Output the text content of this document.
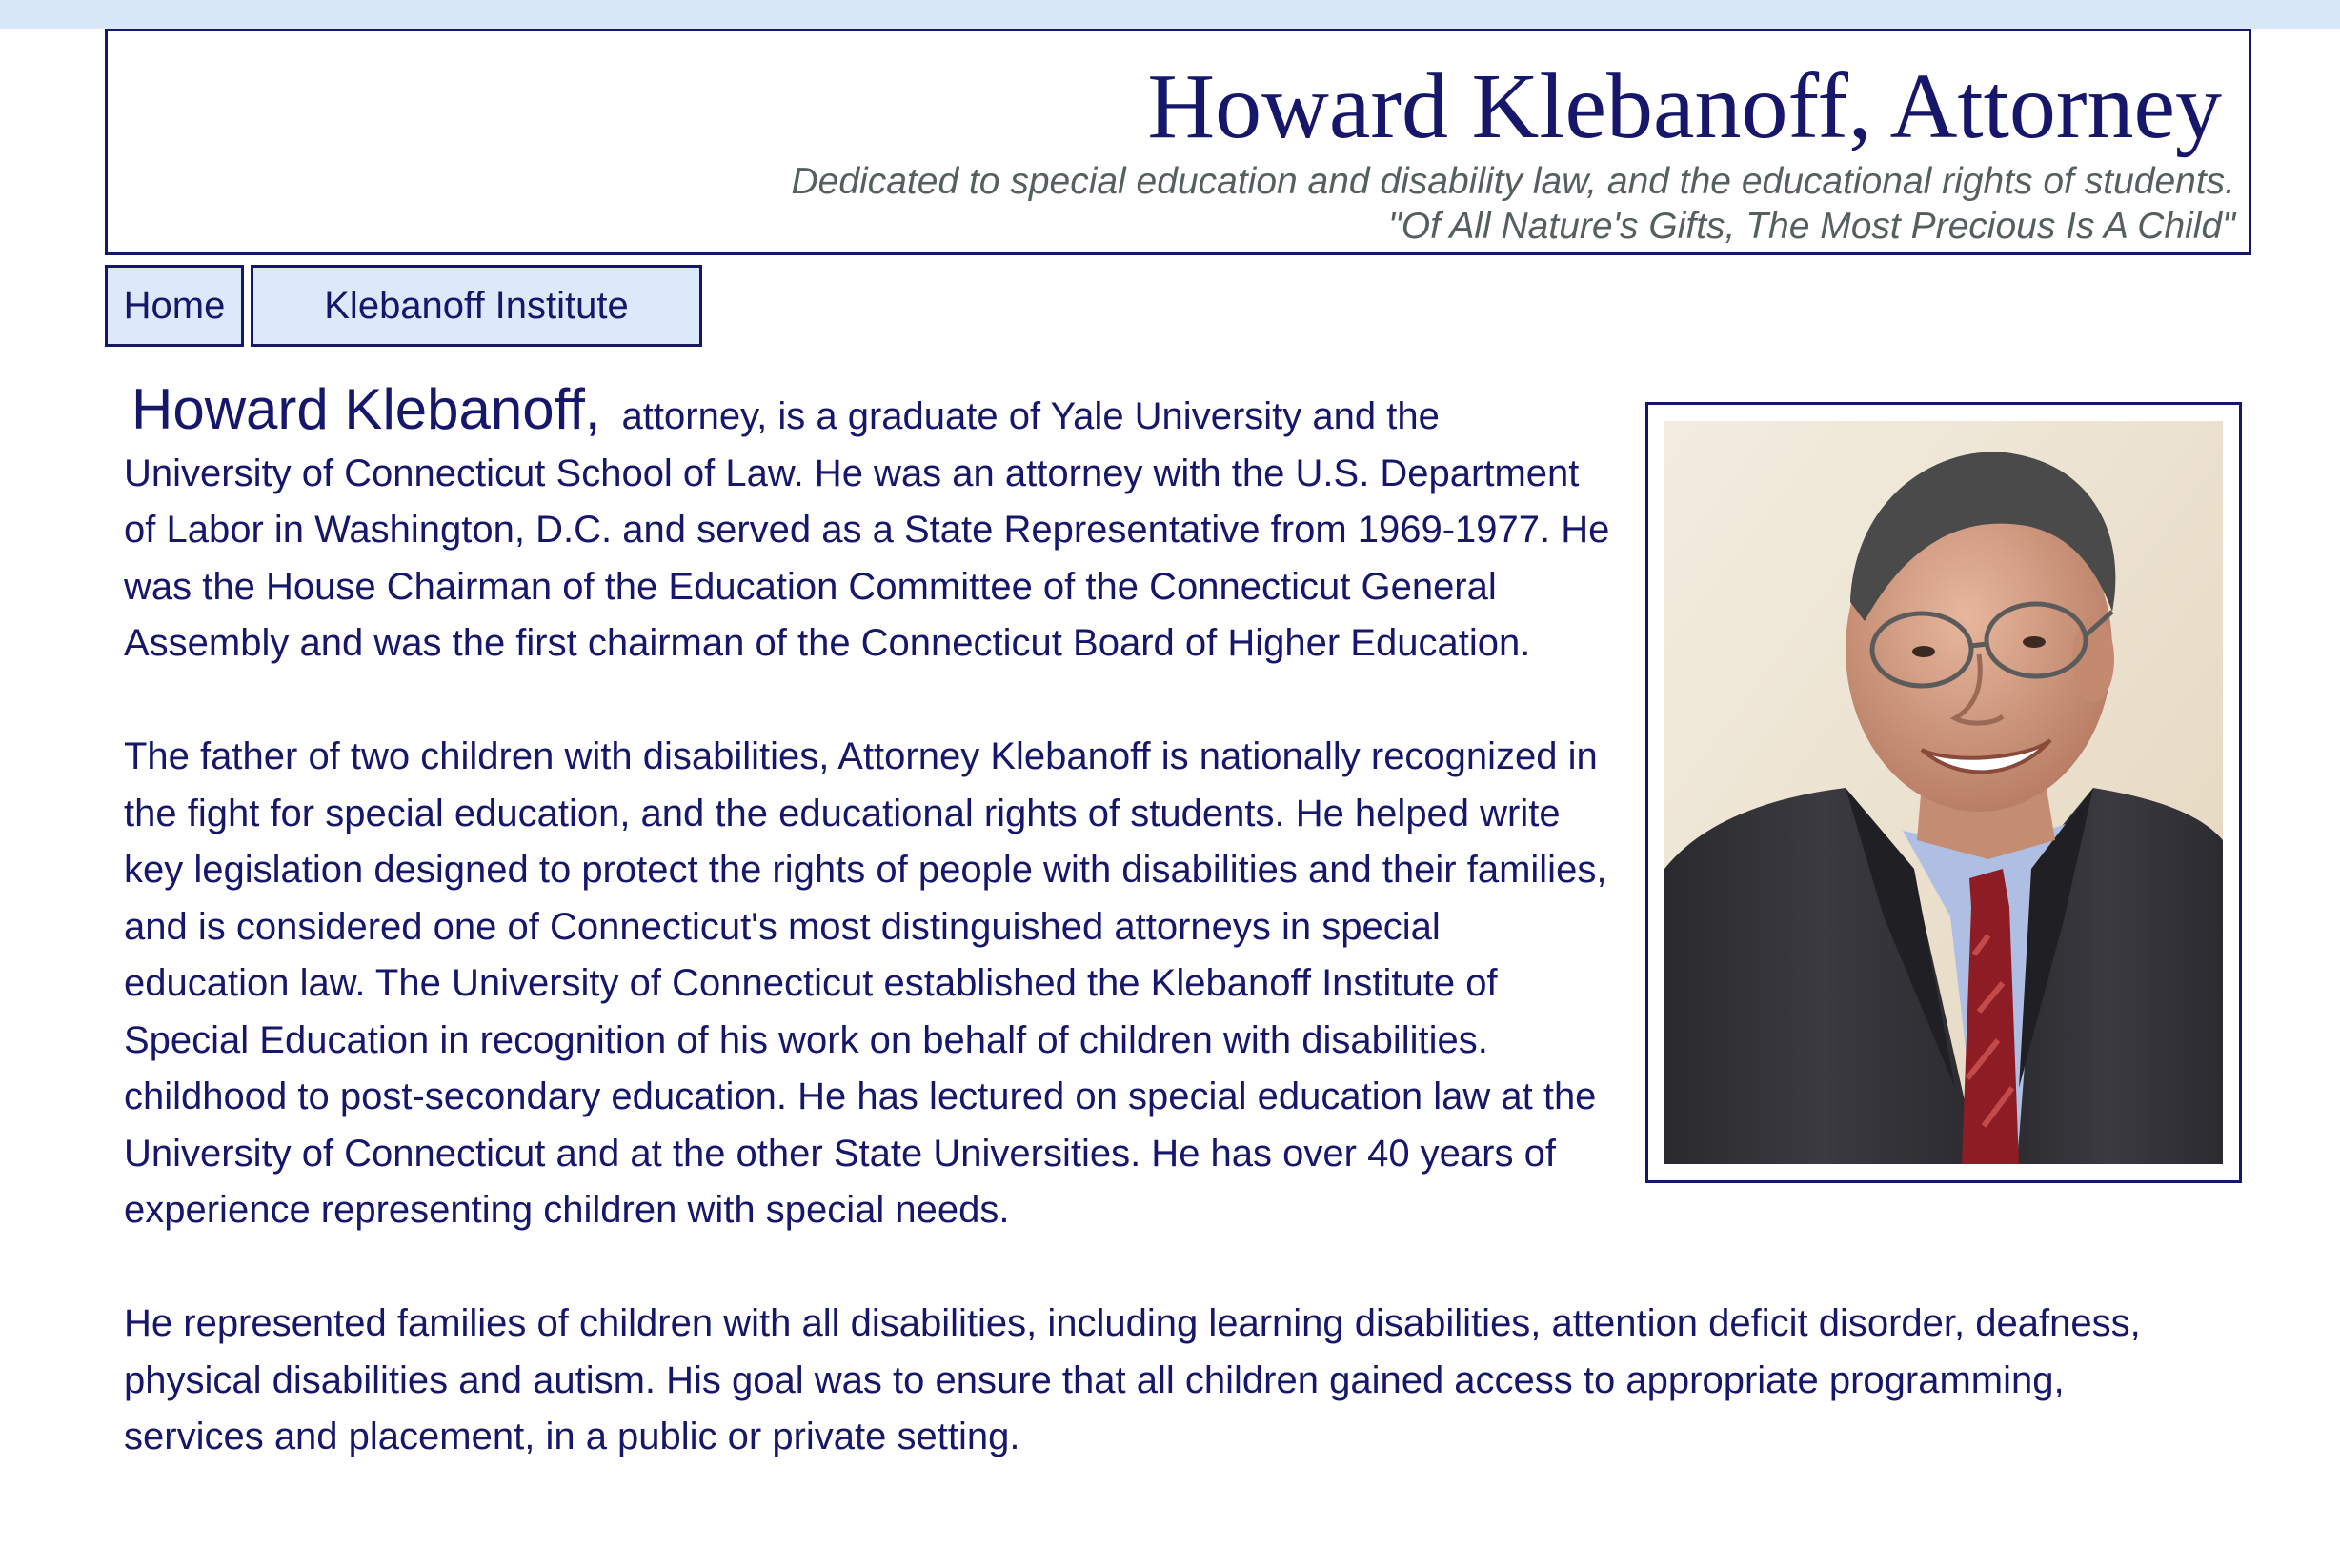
Howard Klebanoff, Attorney
Dedicated to special education and disability law, and the educational rights of students.
"Of All Nature's Gifts, The Most Precious Is A Child"
Home	Klebanoff Institute

Howard Klebanoff, attorney, is a graduate of Yale University and the University of Connecticut School of Law. He was an attorney with the U.S. Department of Labor in Washington, D.C. and served as a State Representative from 1969-1977. He was the House Chairman of the Education Committee of the Connecticut General Assembly and was the first chairman of the Connecticut Board of Higher Education.

The father of two children with disabilities, Attorney Klebanoff is nationally recognized in the fight for special education, and the educational rights of students. He helped write key legislation designed to protect the rights of people with disabilities and their families, and is considered one of Connecticut's most distinguished attorneys in special education law. The University of Connecticut established the Klebanoff Institute of Special Education in recognition of his work on behalf of children with disabilities. childhood to post-secondary education. He has lectured on special education law at the University of Connecticut and at the other State Universities. He has over 40 years of experience representing children with special needs.

He represented families of children with all disabilities, including learning disabilities, attention deficit disorder, deafness, physical disabilities and autism. His goal was to ensure that all children gained access to appropriate programming, services and placement, in a public or private setting.
